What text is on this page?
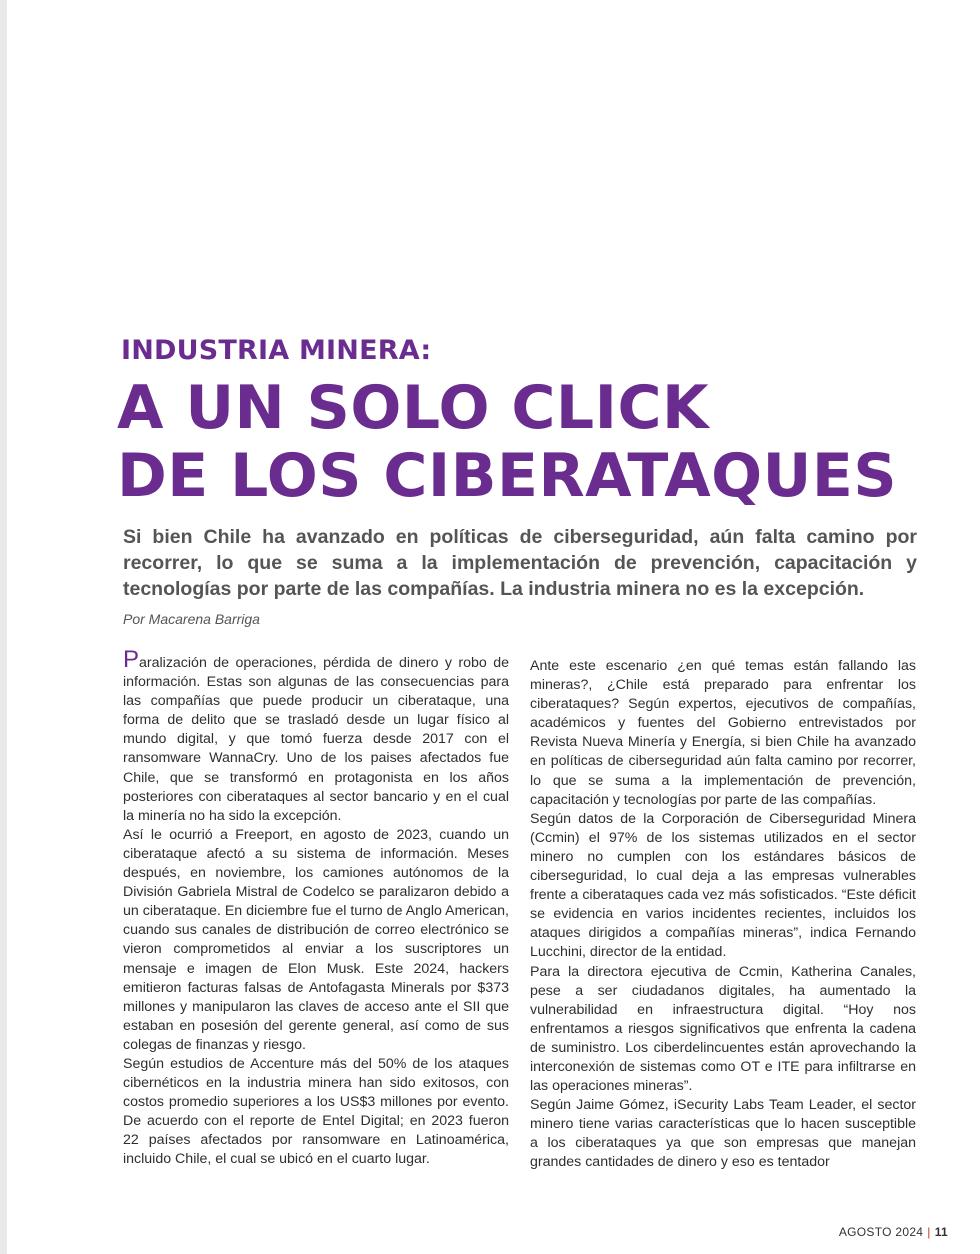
INDUSTRIA MINERA:
A UN SOLO CLICK
DE LOS CIBERATAQUES

Si bien Chile ha avanzado en políticas de ciberseguridad, aún falta camino por recorrer, lo que se suma a la implementación de prevención, capacitación y tecnologías por parte de las compañías. La industria minera no es la excepción.

Por Macarena Barriga

Paralización de operaciones, pérdida de dinero y robo de información. Estas son algunas de las consecuencias para las compañías que puede producir un ciberataque, una forma de delito que se trasladó desde un lugar físico al mundo digital, y que tomó fuerza desde 2017 con el ransomware WannaCry. Uno de los paises afectados fue Chile, que se transformó en protagonista en los años posteriores con ciberataques al sector bancario y en el cual la minería no ha sido la excepción.

Así le ocurrió a Freeport, en agosto de 2023, cuando un ciberataque afectó a su sistema de información. Meses después, en noviembre, los camiones autónomos de la División Gabriela Mistral de Codelco se paralizaron debido a un ciberataque. En diciembre fue el turno de Anglo American, cuando sus canales de distribución de correo electrónico se vieron comprometidos al enviar a los suscriptores un mensaje e imagen de Elon Musk. Este 2024, hackers emitieron facturas falsas de Antofagasta Minerals por $373 millones y manipularon las claves de acceso ante el SII que estaban en posesión del gerente general, así como de sus colegas de finanzas y riesgo.

Según estudios de Accenture más del 50% de los ataques cibernéticos en la industria minera han sido exitosos, con costos promedio superiores a los US$3 millones por evento. De acuerdo con el reporte de Entel Digital; en 2023 fueron 22 países afectados por ransomware en Latinoamérica, incluido Chile, el cual se ubicó en el cuarto lugar.

Ante este escenario ¿en qué temas están fallando las mineras?, ¿Chile está preparado para enfrentar los ciberataques? Según expertos, ejecutivos de compañías, académicos y fuentes del Gobierno entrevistados por Revista Nueva Minería y Energía, si bien Chile ha avanzado en políticas de ciberseguridad aún falta camino por recorrer, lo que se suma a la implementación de prevención, capacitación y tecnologías por parte de las compañías.

Según datos de la Corporación de Ciberseguridad Minera (Ccmin) el 97% de los sistemas utilizados en el sector minero no cumplen con los estándares básicos de ciberseguridad, lo cual deja a las empresas vulnerables frente a ciberataques cada vez más sofisticados. “Este déficit se evidencia en varios incidentes recientes, incluidos los ataques dirigidos a compañías mineras”, indica Fernando Lucchini, director de la entidad.

Para la directora ejecutiva de Ccmin, Katherina Canales, pese a ser ciudadanos digitales, ha aumentado la vulnerabilidad en infraestructura digital. “Hoy nos enfrentamos a riesgos significativos que enfrenta la cadena de suministro. Los ciberdelincuentes están aprovechando la interconexión de sistemas como OT e ITE para infiltrarse en las operaciones mineras”.

Según Jaime Gómez, iSecurity Labs Team Leader, el sector minero tiene varias características que lo hacen susceptible a los ciberataques ya que son empresas que manejan grandes cantidades de dinero y eso es tentador

AGOSTO 2024 | 11
